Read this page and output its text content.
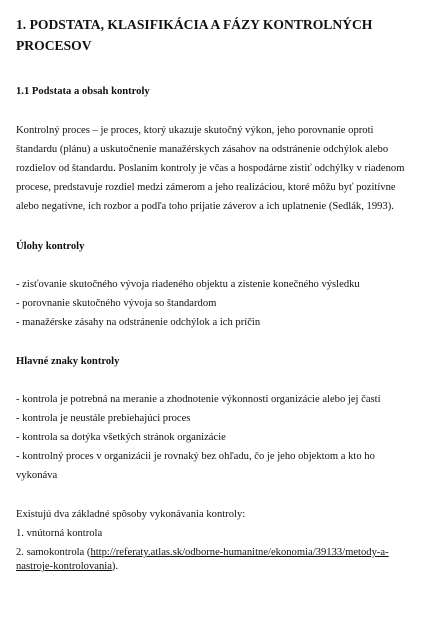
1. PODSTATA, KLASIFIKÁCIA A FÁZY KONTROLNÝCH
PROCESOV
1.1 Podstata a obsah kontroly
Kontrolný proces – je proces, ktorý ukazuje skutočný výkon, jeho porovnanie oproti
štandardu (plánu) a uskutočnenie manažérskych zásahov na odstránenie odchýlok alebo
rozdielov od štandardu. Poslaním kontroly je včas a hospodárne zistiť odchýlky v riadenom
procese, predstavuje rozdiel medzi zámerom a jeho realizáciou, ktoré môžu byť pozitívne
alebo negatívne, ich rozbor a podľa toho prijatie záverov a ich uplatnenie (Sedlák, 1993).
Úlohy kontroly
- zisťovanie skutočného vývoja riadeného objektu a zistenie konečného výsledku
- porovnanie skutočného vývoja so štandardom
- manažérske zásahy na odstránenie odchýlok a ich príčin
Hlavné znaky kontroly
- kontrola je potrebná na meranie a zhodnotenie výkonnosti organizácie alebo jej častí
- kontrola je neustále prebiehajúci proces
- kontrola sa dotýka všetkých stránok organizácie
- kontrolný proces v organizácii je rovnaký bez ohľadu, čo je jeho objektom a kto ho
vykonáva
Existujú dva základné spôsoby vykonávania kontroly:
1. vnútorná kontrola
2. samokontrola (http://referaty.atlas.sk/odborne-humanitne/ekonomia/39133/metody-a-
nastroje-kontrolovania).
